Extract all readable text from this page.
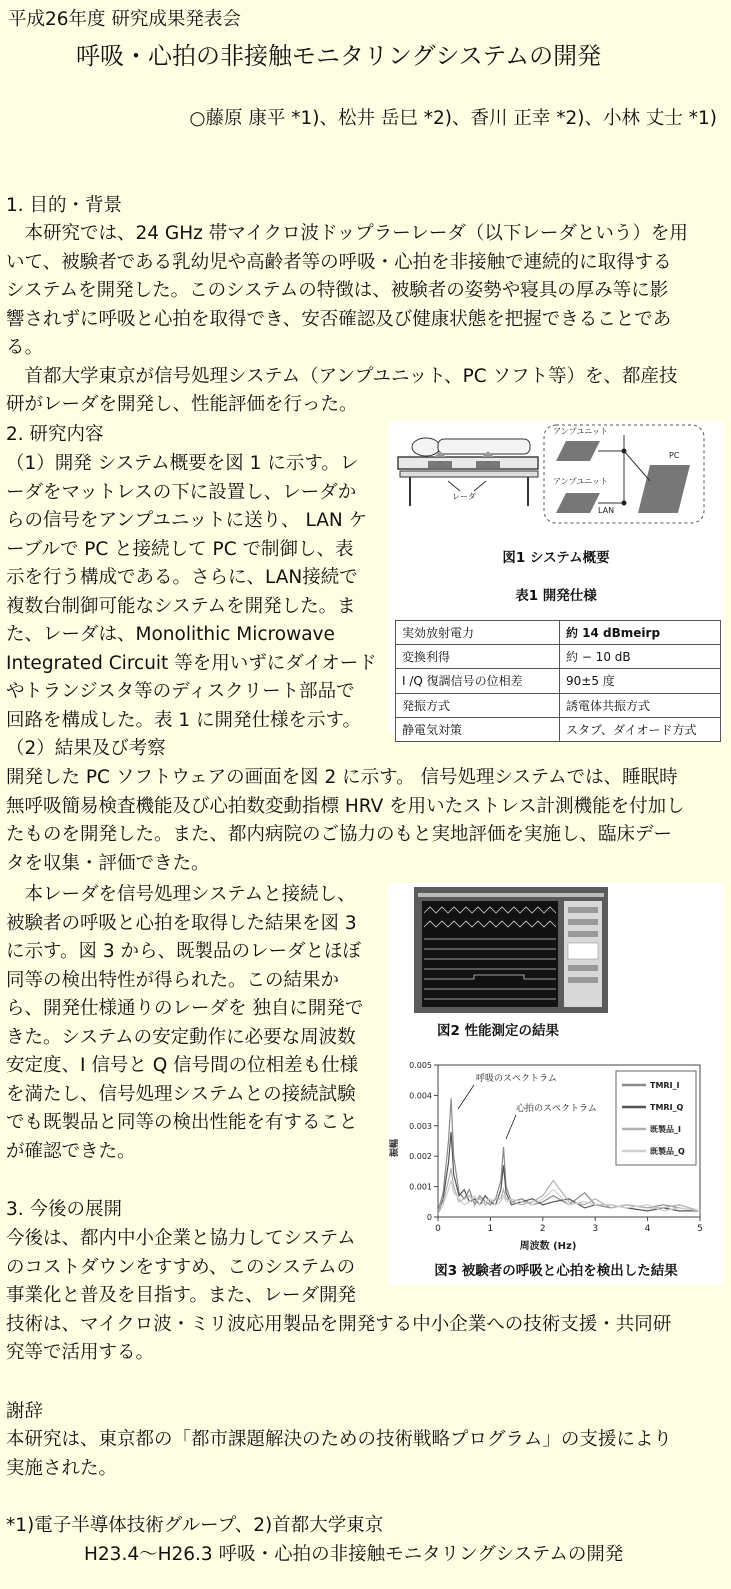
平成26年度 研究成果発表会
呼吸・心拍の非接触モニタリングシステムの開発
○藤原 康平 *1)、松井 岳巳 *2)、香川 正幸 *2)、小林 丈士 *1)
1. 目的・背景
　本研究では、24 GHz 帯マイクロ波ドップラーレーダ（以下レーダという）を用
いて、被験者である乳幼児や高齢者等の呼吸・心拍を非接触で連続的に取得する
システムを開発した。このシステムの特徴は、被験者の姿勢や寝具の厚み等に影
響されずに呼吸と心拍を取得でき、安否確認及び健康状態を把握できることであ
る。
　首都大学東京が信号処理システム（アンプユニット、PC ソフト等）を、都産技
研がレーダを開発し、性能評価を行った。
2. 研究内容
（1）開発 システム概要を図 1 に示す。レ
ーダをマットレスの下に設置し、レーダか
らの信号をアンプユニットに送り、 LAN ケ
ーブルで PC と接続して PC で制御し、表
示を行う構成である。さらに、LAN接続で
複数台制御可能なシステムを開発した。ま
た、レーダは、Monolithic Microwave
Integrated Circuit 等を用いずにダイオード
やトランジスタ等のディスクリート部品で
回路を構成した。表 1 に開発仕様を示す。
（2）結果及び考察
開発した PC ソフトウェアの画面を図 2 に示す。 信号処理システムでは、睡眠時
無呼吸簡易検査機能及び心拍数変動指標 HRV を用いたストレス計測機能を付加し
たものを開発した。また、都内病院のご協力のもと実地評価を実施し、臨床デー
タを収集・評価できた。
　本レーダを信号処理システムと接続し、
被験者の呼吸と心拍を取得した結果を図 3
に示す。図 3 から、既製品のレーダとほぼ
同等の検出特性が得られた。この結果か
ら、開発仕様通りのレーダを 独自に開発で
きた。システムの安定動作に必要な周波数
安定度、I 信号と Q 信号間の位相差も仕様
を満たし、信号処理システムとの接続試験
でも既製品と同等の検出性能を有すること
が確認できた。
3. 今後の展開
今後は、都内中小企業と協力してシステム
のコストダウンをすすめ、このシステムの
事業化と普及を目指す。また、レーダ開発
技術は、マイクロ波・ミリ波応用製品を開発する中小企業への技術支援・共同研
究等で活用する。
謝辞
本研究は、東京都の「都市課題解決のための技術戦略プログラム」の支援により
実施された。
*1)電子半導体技術グループ、2)首都大学東京
H23.4～H26.3 呼吸・心拍の非接触モニタリングシステムの開発
レーダ
アンプユニット
アンプユニット
PC
LAN
図1 システム概要
表1 開発仕様
実効放射電力	約 14 dBmeirp
変換利得	約 − 10 dB
I /Q 復調信号の位相差	90±5 度
発振方式	誘電体共振方式
静電気対策	スタブ、ダイオード方式
図2 性能測定の結果
0	1	2	3	4	5
0
0.001
0.002
0.003
0.004
0.005
呼吸のスペクトラム
心拍のスペクトラム
TMRI_I
TMRI_Q
既製品_I
既製品_Q
周波数 (Hz)
振幅
図3 被験者の呼吸と心拍を検出した結果
